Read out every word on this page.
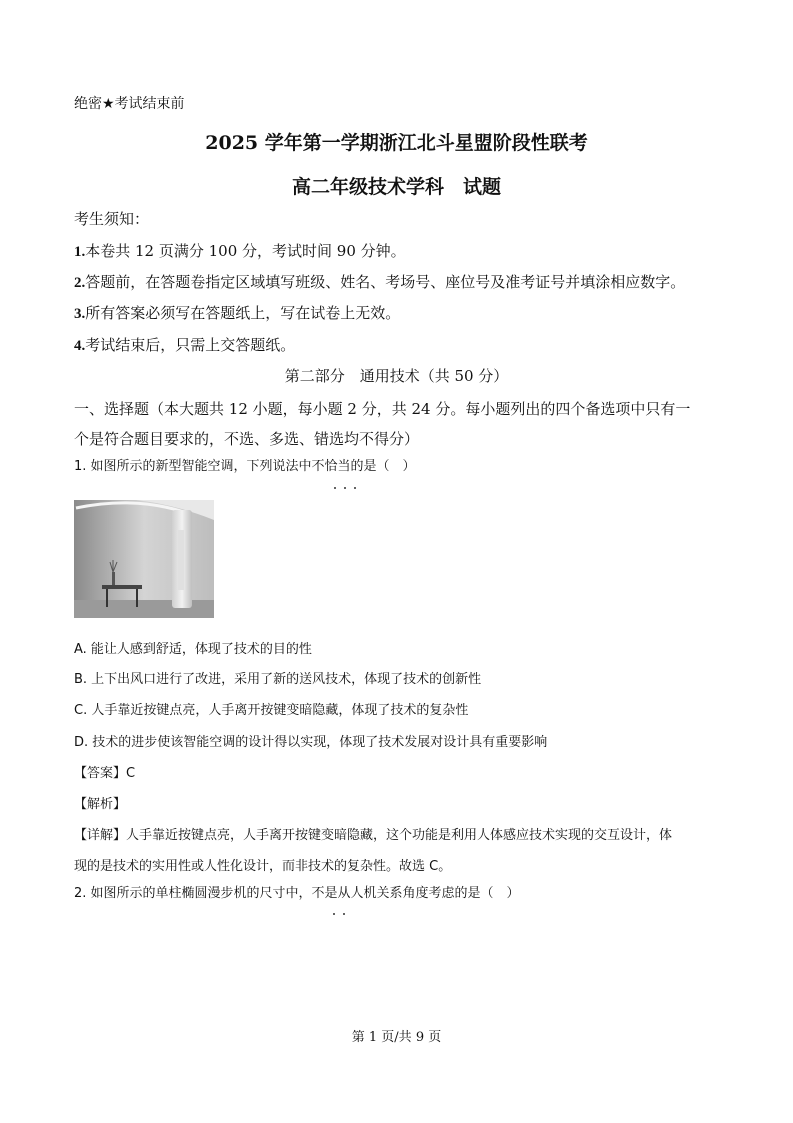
绝密★考试结束前
2025 学年第一学期浙江北斗星盟阶段性联考
高二年级技术学科　试题
考生须知：
1.本卷共 12 页满分 100 分，考试时间 90 分钟。
2.答题前，在答题卷指定区域填写班级、姓名、考场号、座位号及准考证号并填涂相应数字。
3.所有答案必须写在答题纸上，写在试卷上无效。
4.考试结束后，只需上交答题纸。
第二部分　通用技术（共 50 分）
一、选择题（本大题共 12 小题，每小题 2 分，共 24 分。每小题列出的四个备选项中只有一
个是符合题目要求的，不选、多选、错选均不得分）
1. 如图所示的新型智能空调，下列说法中不恰当的是（　）
A. 能让人感到舒适，体现了技术的目的性
B. 上下出风口进行了改进，采用了新的送风技术，体现了技术的创新性
C. 人手靠近按键点亮，人手离开按键变暗隐藏，体现了技术的复杂性
D. 技术的进步使该智能空调的设计得以实现，体现了技术发展对设计具有重要影响
【答案】C
【解析】
【详解】人手靠近按键点亮，人手离开按键变暗隐藏，这个功能是利用人体感应技术实现的交互设计，体
现的是技术的实用性或人性化设计，而非技术的复杂性。故选 C。
2. 如图所示的单柱椭圆漫步机的尺寸中，不是从人机关系角度考虑的是（　）
第 1 页/共 9 页
